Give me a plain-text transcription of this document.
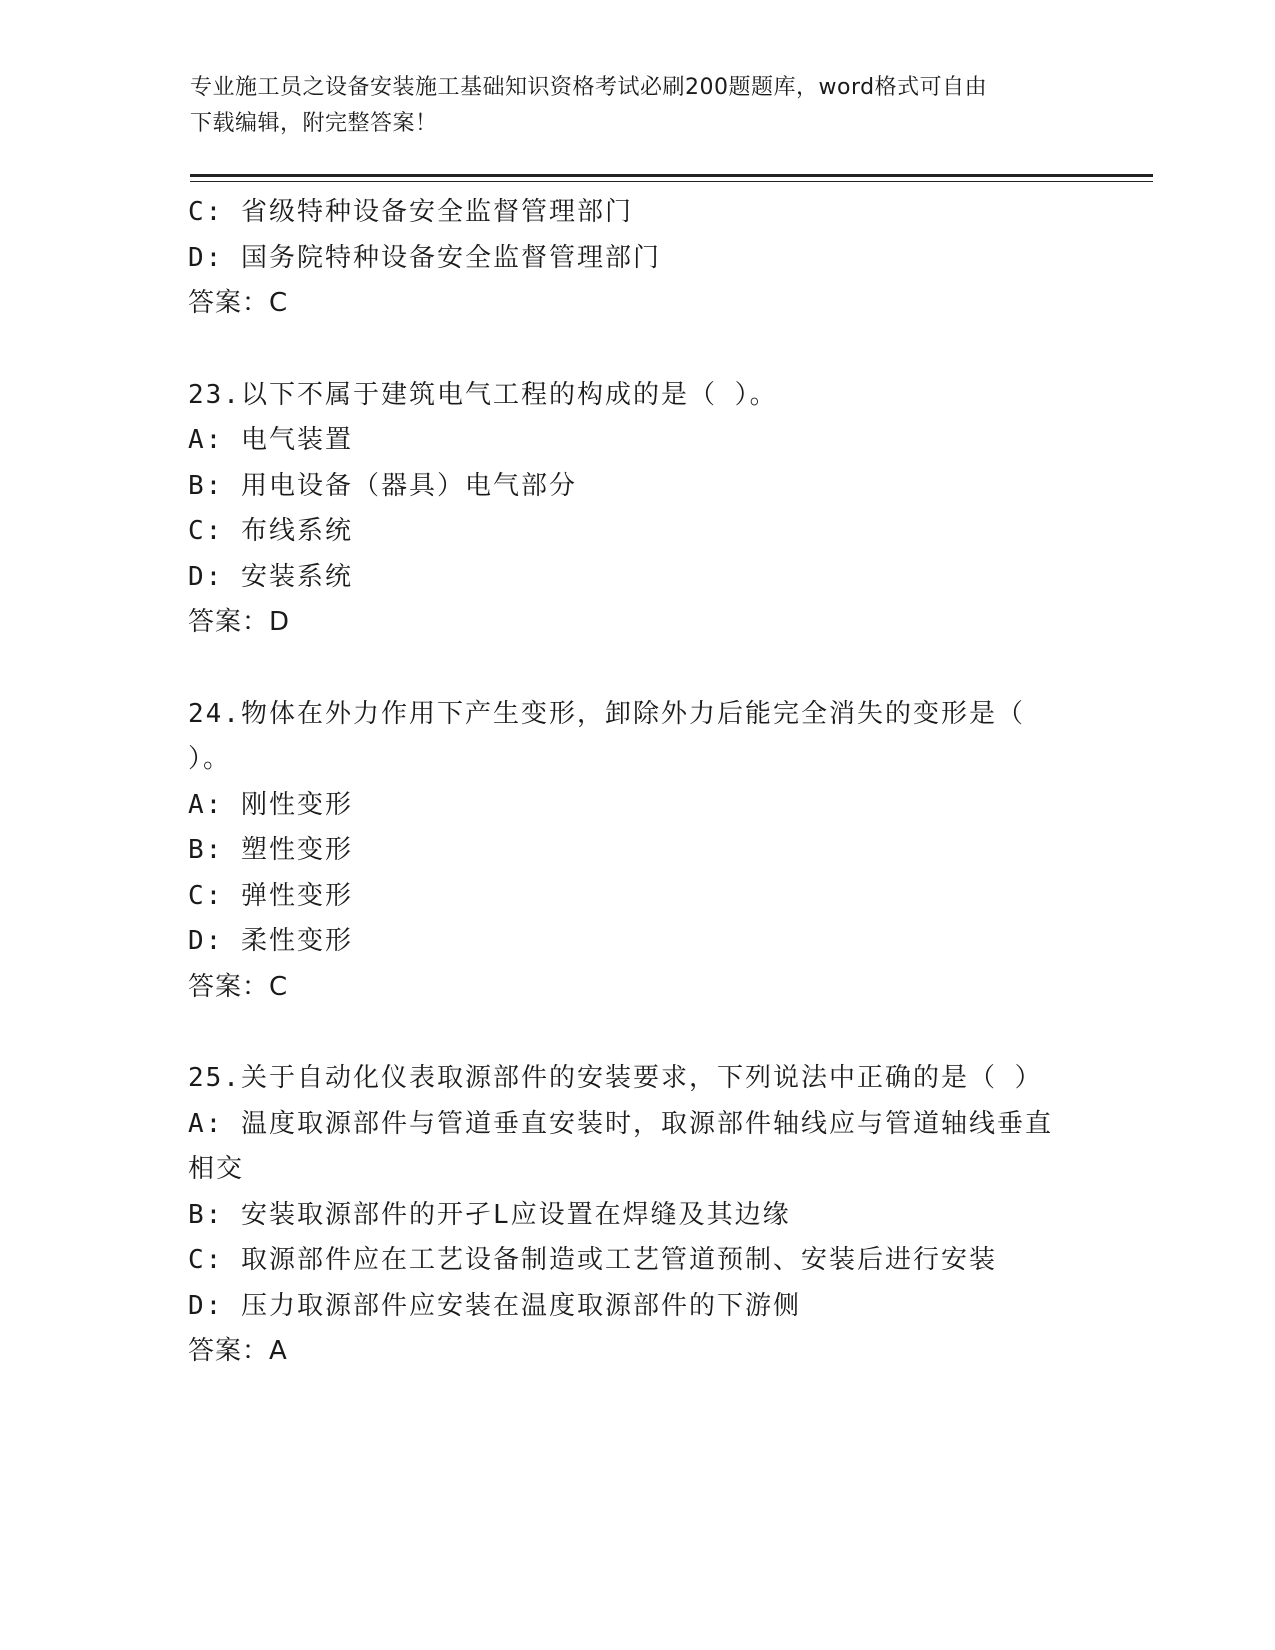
专业施工员之设备安装施工基础知识资格考试必刷200题题库，word格式可自由
下载编辑，附完整答案！
C: 省级特种设备安全监督管理部门
D: 国务院特种设备安全监督管理部门
答案：C
23.以下不属于建筑电气工程的构成的是（ ）。
A: 电气装置
B: 用电设备（器具）电气部分
C: 布线系统
D: 安装系统
答案：D
24.物体在外力作用下产生变形，卸除外力后能完全消失的变形是（
）。
A: 刚性变形
B: 塑性变形
C: 弹性变形
D: 柔性变形
答案：C
25.关于自动化仪表取源部件的安装要求，下列说法中正确的是（ ）
A: 温度取源部件与管道垂直安装时，取源部件轴线应与管道轴线垂直
相交
B: 安装取源部件的开孑L应设置在焊缝及其边缘
C: 取源部件应在工艺设备制造或工艺管道预制、安装后进行安装
D: 压力取源部件应安装在温度取源部件的下游侧
答案：A
